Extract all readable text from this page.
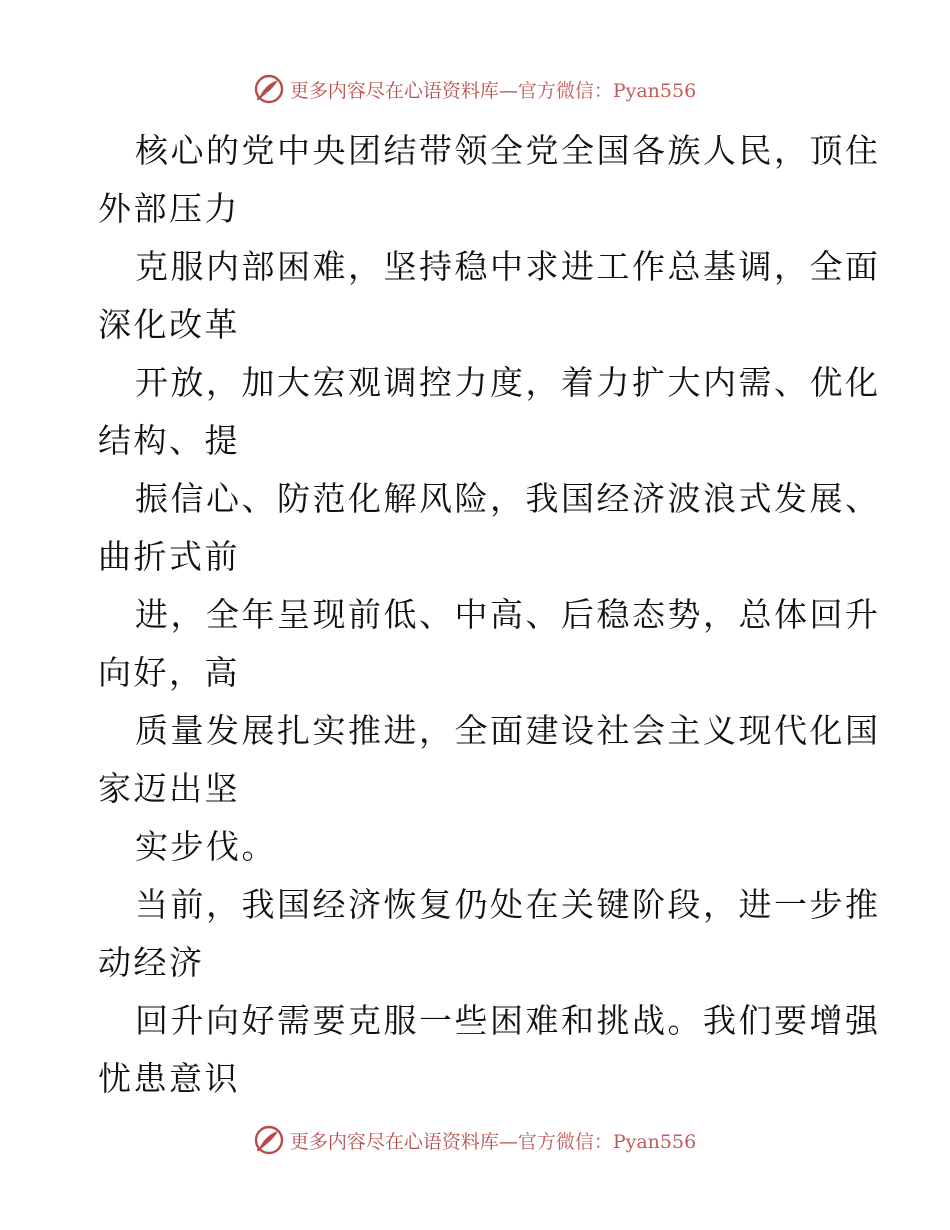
更多内容尽在心语资料库—官方微信：Pyan556
核心的党中央团结带领全党全国各族人民，顶住
外部压力
克服内部困难，坚持稳中求进工作总基调，全面
深化改革
开放，加大宏观调控力度，着力扩大内需、优化
结构、提
振信心、防范化解风险，我国经济波浪式发展、
曲折式前
进，全年呈现前低、中高、后稳态势，总体回升
向好，高
质量发展扎实推进，全面建设社会主义现代化国
家迈出坚
实步伐。
当前，我国经济恢复仍处在关键阶段，进一步推
动经济
回升向好需要克服一些困难和挑战。我们要增强
忧患意识
更多内容尽在心语资料库—官方微信：Pyan556
